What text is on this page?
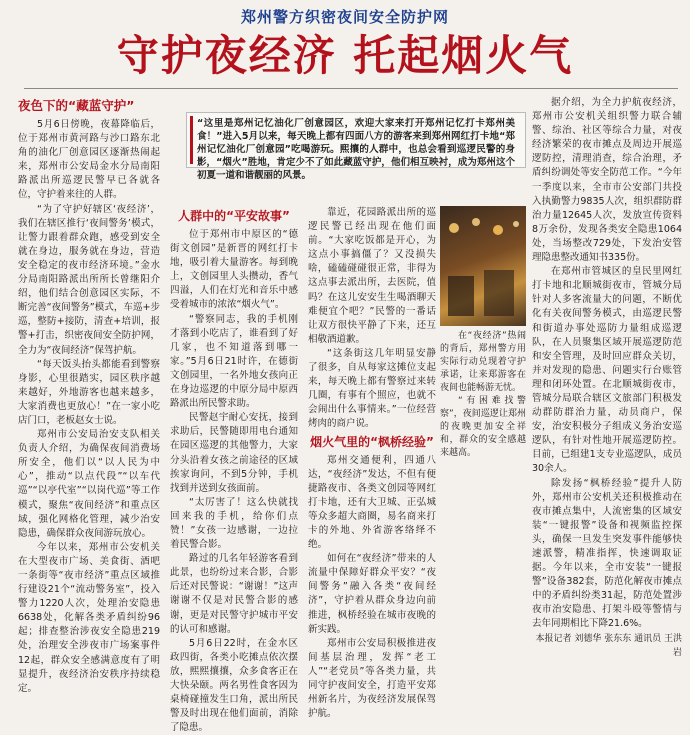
郑州警方织密夜间安全防护网
守护夜经济 托起烟火气
“这里是郑州记忆油化厂创意园区，欢迎大家来打开郑州记忆打卡郑州美食！”进入5月以来，每天晚上都有四面八方的游客来到郑州网红打卡地“郑州记忆油化厂创意园”吃喝游玩。熙攘的人群中，也总会看到巡逻民警的身影，“烟火”胜地，肯定少不了如此藏蓝守护，他们相互映衬，成为郑州这个初夏一道和谐靓丽的风景。
夜色下的“藏蓝守护”

5月6日傍晚，夜幕降临后，位于郑州市黄河路与沙口路东北角的油化厂创意园区逐渐热闹起来，郑州市公安局金水分局南阳路派出所巡逻民警早已各就各位，守护着来往的人群。

“为了守护好辖区‘夜经济’，我们在辖区推行‘夜间警务’模式，让警力跟着群众跑，感受到安全就在身边，服务就在身边，营造安全稳定的夜市经济环境。”金水分局南阳路派出所所长曾继阳介绍，他们结合创意园区实际，不断完善“夜间警务”模式，车巡+步巡，整防+接防，清查+培训，报警+打击，织密夜间安全防护网，全力为“夜间经济”保驾护航。

“每天饭头抬头都能看到警察身影，心里很踏实，园区秩序越来越好，外地游客也越来越多，大家消费也更放心！”在一家小吃店门口，老板赵女士说。

郑州市公安局治安支队相关负责人介绍，为确保夜间消费场所安全，他们以“以人民为中心”，推动“以点代段”“以车代巡”“以亭代室”“以岗代巡”等工作模式，聚焦“夜间经济”和重点区域，强化网格化管理，减少治安隐患，确保群众夜间游玩放心。

今年以来，郑州市公安机关在大型夜市广场、美食街、酒吧一条街等“夜市经济”重点区域推行建设21个“流动警务室”，投入警力1220人次，处理治安隐患6638处，化解各类矛盾纠纷96起；排查整治涉夜安全隐患219处，治理安全涉夜市广场案事件12起，群众安全感满意度有了明显提升，夜经济治安秩序持续稳定。

人群中的“平安故事”

位于郑州市中原区的“德街文创园”是新晋的网红打卡地，吸引着大量游客。每到晚上，文创园里人头攒动，香气四溢，人们在灯光和音乐中感受着城市的浓浓“烟火气”。

“警察同志，我的手机刚才落到小吃店了，谁看到了好几家，也不知道落到哪一家。”5月6日21时许，在德街文创园里，一名外地女孩向正在身边巡逻的中原分局中原西路派出所民警求助。

民警赵宇耐心安抚，接到求助后，民警随即用电台通知在园区巡逻的其他警力，大家分头沿着女孩之前途径的区域挨家询问，不到5分钟，手机找到并送到女孩面前。

“太厉害了！这么快就找回来我的手机，给你们点赞！”女孩一边感谢，一边拉着民警合影。

路过的几名年轻游客看到此景，也纷纷过来合影，合影后还对民警说：“谢谢！”这声谢谢不仅是对民警合影的感谢，更是对民警守护城市平安的认可和感谢。

5月6日22时，在金水区政四街，各类小吃摊点依次摆放，熙熙攘攘，众多食客正在大快朵颐。两名男性食客因为桌椅碰撞发生口角，派出所民警及时出现在他们面前，消除了隐患。

靠近，花园路派出所的巡逻民警已经出现在他们面前。“大家吃饭都是开心，为这点小事搞僵了？又没损失啥，磕磕碰碰很正常，非得为这点事去派出所，去医院，值吗？在这儿安安生生喝酒聊天难便宜个吧？”民警的一番话让双方很快平静了下来，还互相敬酒道歉。

“这条街这几年明显安静了很多，自从每家这摊位支起来，每天晚上都有警察过来转几圈，有事有个照应，也就不会闹出什么事情来。”一位经营烤肉的商户说。

烟火气里的“枫桥经验”

郑州交通便利，四通八达，“夜经济”发达，不但有便捷路夜市、各类文创园等网红打卡地，还有大卫城、正弘城等众多超大商圈，易名商来打卡的外地、外省游客络绎不绝。

如何在“夜经济”带来的人流量中保障好群众平安？“夜间警务”融入各类“夜间经济”，守护着从群众身边向前推进，枫桥经验在城市夜晚的新实践。

郑州市公安局积极推进夜间基层治理，发挥“老工人”“老党员”等各类力量，共同守护夜间安全，打造平安郑州新名片，为夜经济发展保驾护航。

在“夜经济”热闹的背后，郑州警方用实际行动兑现着守护承诺，让来郑游客在夜间也能畅游无忧。

“有困难找警察”，夜间巡逻让郑州的夜晚更加安全祥和，群众的安全感越来越高。

据介绍，为全力护航夜经济，郑州市公安机关组织警力联合辅警、综治、社区等综合力量，对夜经济繁荣的夜市摊点及周边开展巡逻防控，清理消查，综合治理，矛盾纠纷调处等安全防范工作。“今年一季度以来，全市市公安部门共投入执勤警力9835人次，组织群防群治力量12645人次，发放宣传资料8万余份，发现各类安全隐患1064处，当场整改729处，下发治安管理隐患整改通知书335份。

在郑州市管城区的皇民里网红打卡地和北顺城街夜市，管城分局针对人多客流量大的问题，不断优化有关夜间警务模式，由巡逻民警和街道办事处巡防力量组成巡逻队，在人员聚集区域开展巡逻防范和安全管理，及时回应群众关切，并对发现的隐患、问题实行台账管理和闭环处置。在北顺城街夜市，管城分局联合辖区文旅部门积极发动群防群治力量，动员商户，保安，治安积极分子组成义务治安巡逻队，有针对性地开展巡逻防控。目前，已组建1支专业巡逻队，成员30余人。

除发扬“枫桥经验”提升人防外，郑州市公安机关还积极推动在夜市摊点集中，人流密集的区域安装“一键报警”设备和视频监控探头，确保一旦发生突发事件能够快速派警，精准指挥，快速调取证据。今年以来，全市安装“一键报警”设备382套，防范化解夜市摊点中的矛盾纠纷类31起，防范处置涉夜市治安隐患、打架斗殴等警情与去年同期相比下降21.6%。

本报记者 刘德华 张东东 通讯员 王洪岩
